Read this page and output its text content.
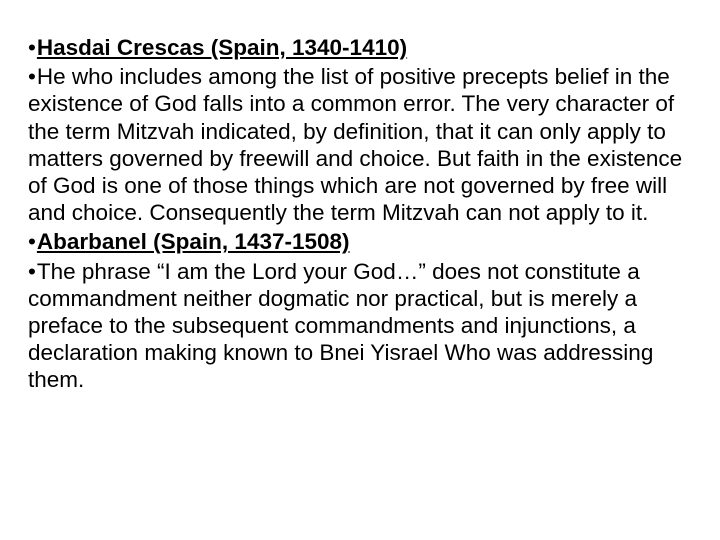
•Hasdai Crescas (Spain, 1340-1410)

•He who includes among the list of positive precepts belief in the existence of God falls into a common error. The very character of the term Mitzvah indicated, by definition, that it can only apply to matters governed by freewill and choice. But faith in the existence of God is one of those things which are not governed by free will and choice. Consequently the term Mitzvah can not apply to it.

•Abarbanel (Spain, 1437-1508)

•The phrase “I am the Lord your God…” does not constitute a commandment neither dogmatic nor practical, but is merely a preface to the subsequent commandments and injunctions, a declaration making known to Bnei Yisrael Who was addressing them.
